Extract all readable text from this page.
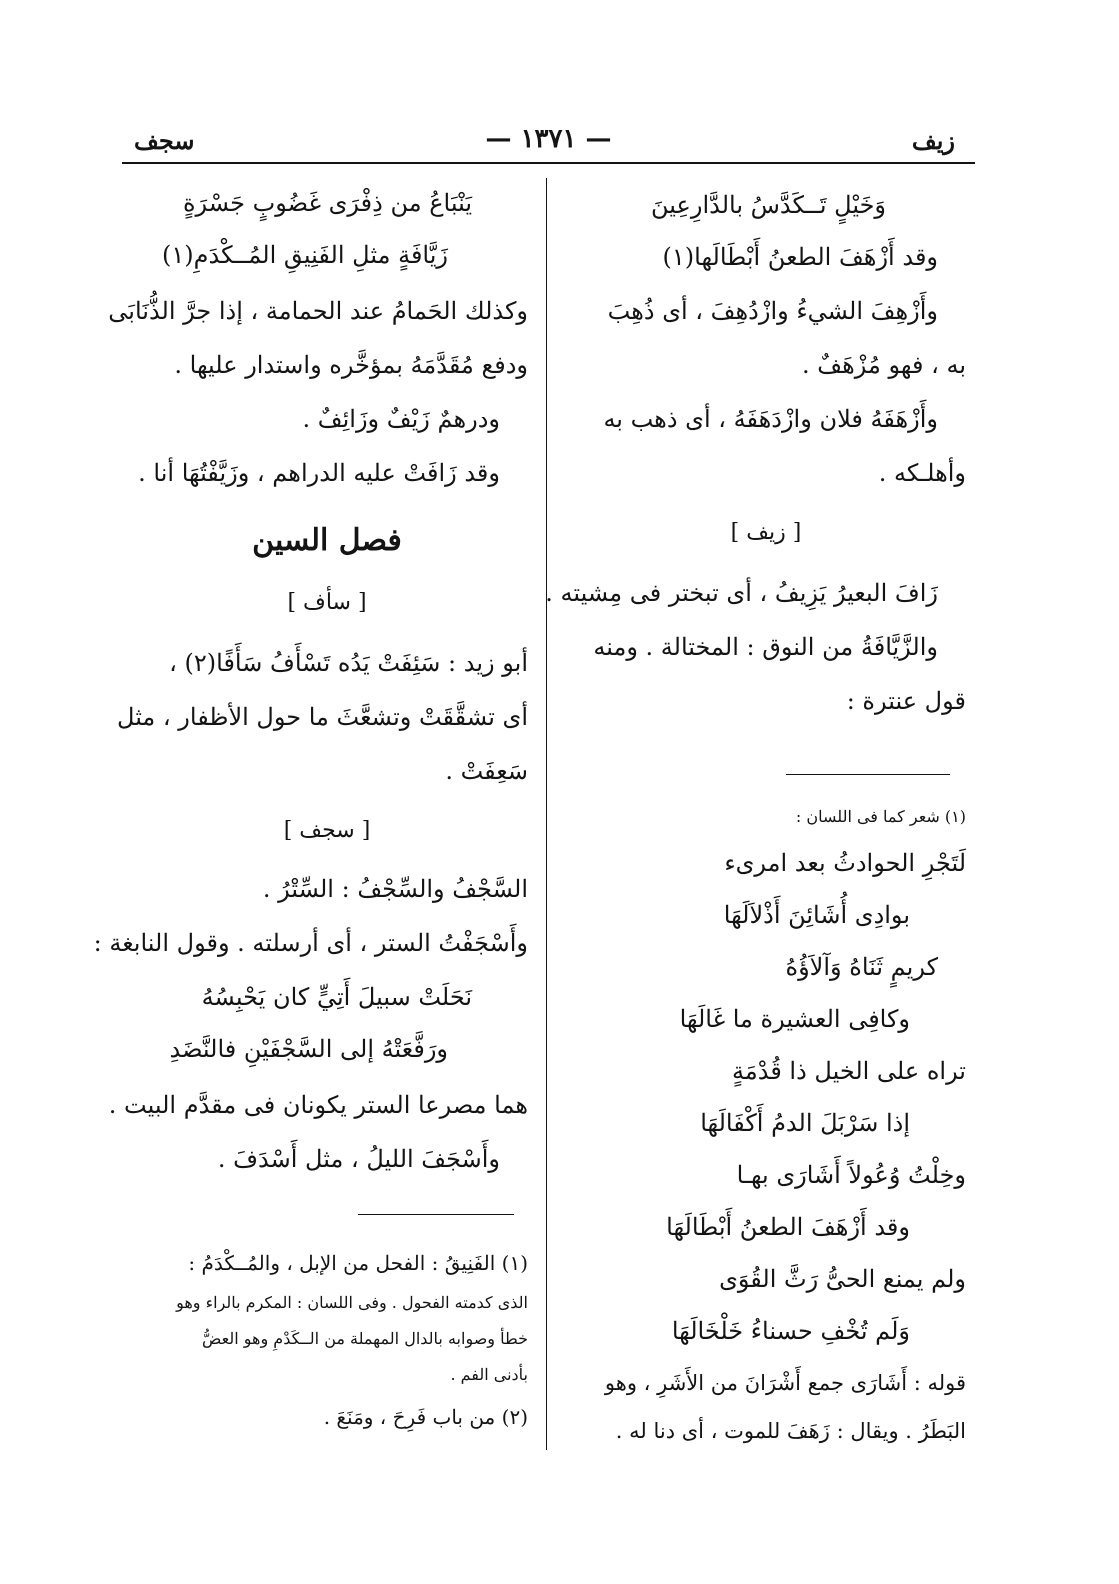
زيف
— ١٣٧١ —
سجف
وَخَيْلٍ تَــكَدَّسُ بالدَّارِعِينَ
وقد أَزْهَفَ الطعنُ أَبْطَالَها(١)
وأَزْهِفَ الشيءُ وازْدُهِفَ ، أى ذُهِبَ
به ، فهو مُزْهَفٌ .
وأَزْهَفَهُ فلان وازْدَهَفَهُ ، أى ذهب به
وأهلـكه .
[ زيف ]
زَافَ البعيرُ يَزِيفُ ، أى تبختر فى مِشيته .
والزَّيَّافَةُ من النوق : المختالة . ومنه
قول عنترة :
(١) شعر كما فى اللسان :
لَتَجْرِ الحوادثُ بعد امرىء
بوادِى أُشَائِنَ أَذْلاَلَهَا
كريمٍ ثَنَاهُ وَآلاَؤُهُ
وكافِى العشيرة ما غَالَهَا
تراه على الخيل ذا قُدْمَةٍ
إذا سَرْبَلَ الدمُ أَكْفَالَهَا
وخِلْتُ وُعُولاً أَشَارَى بهـا
وقد أَزْهَفَ الطعنُ أَبْطَالَهَا
ولم يمنع الحىُّ رَثَّ القُوَى
وَلَم تُخْفِ حسناءُ خَلْخَالَهَا
قوله : أَشَارَى جمع أَشْرَانَ من الأَشَرِ ، وهو
البَطَرُ . ويقال : زَهَفَ للموت ، أى دنا له .
يَنْبَاعُ من ذِفْرَى غَضُوبٍ جَسْرَةٍ
زَيَّافَةٍ مثلِ الفَنِيقِ المُــكْدَمِ(١)
وكذلك الحَمامُ عند الحمامة ، إذا جرَّ الذُّنَابَى
ودفع مُقَدَّمَهُ بمؤخَّره واستدار عليها .
ودرهمٌ زَيْفٌ وزَائِفٌ .
وقد زَافَتْ عليه الدراهم ، وزَيَّفْتُهَا أنا .
فصل السين
[ سأف ]
أبو زيد : سَئِفَتْ يَدُه تَسْأَفُ سَأَفًا(٢) ،
أى تشقَّقَتْ وتشعَّثَ ما حول الأظفار ، مثل
سَعِفَتْ .
[ سجف ]
السَّجْفُ والسِّجْفُ : السِّتْرُ .
وأَسْجَفْتُ الستر ، أى أرسلته . وقول النابغة :
نَحَلَتْ سبيلَ أَتِيٍّ كان يَحْبِسُهُ
ورَفَّعَتْهُ إلى السَّجْفَيْنِ فالنَّضَدِ
هما مصرعا الستر يكونان فى مقدَّم البيت .
وأَسْجَفَ الليلُ ، مثل أَسْدَفَ .
(١) الفَنِيقُ : الفحل من الإبل ، والمُــكْدَمُ :
الذى كدمته الفحول . وفى اللسان : المكرم بالراء وهو
خطأ وصوابه بالدال المهملة من الــكَدْمِ وهو العضُّ
بأدنى الفم .
(٢) من باب فَرِحَ ، ومَنَعَ .
